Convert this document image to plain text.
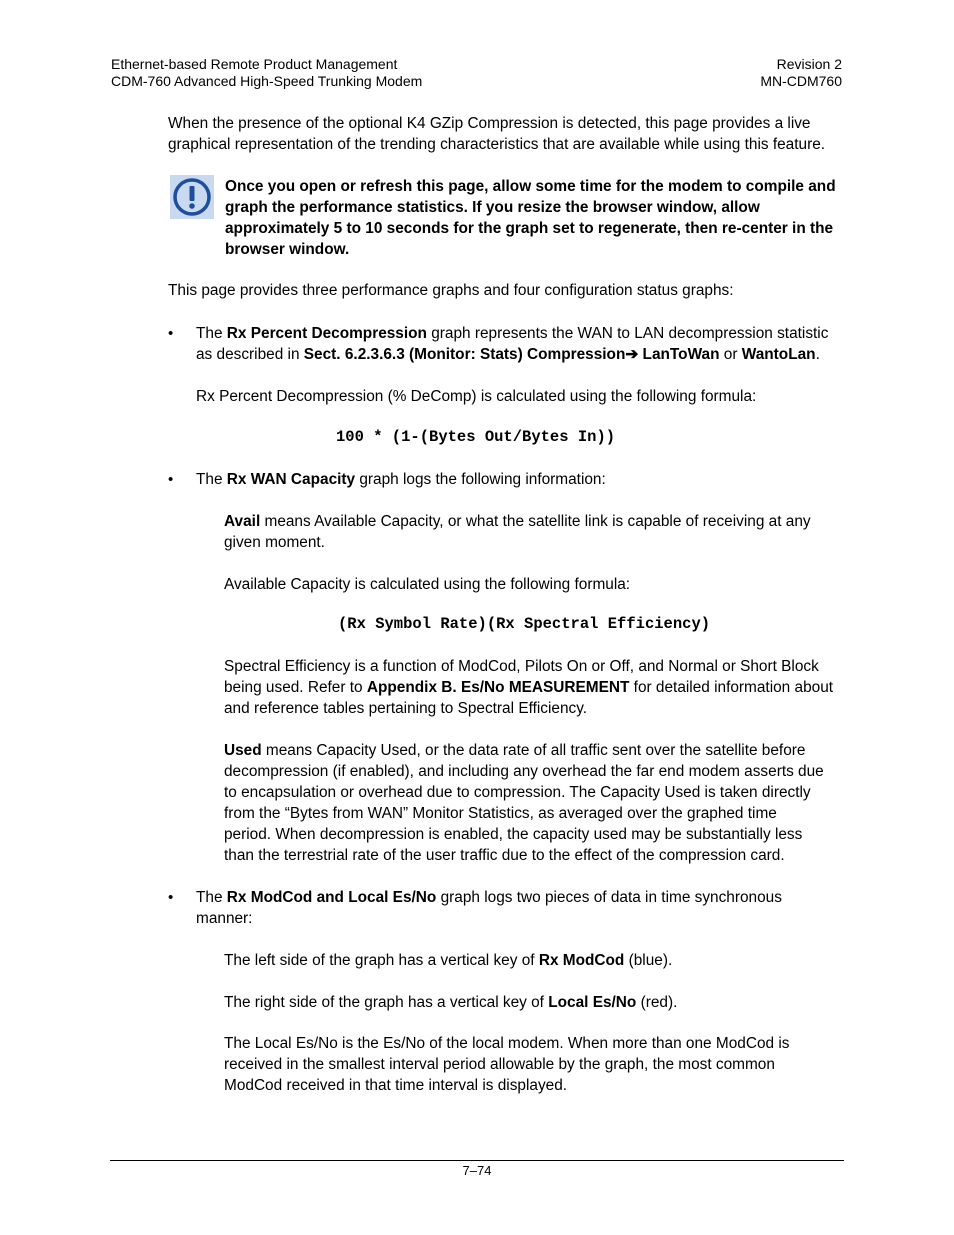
Ethernet-based Remote Product Management
CDM-760 Advanced High-Speed Trunking Modem
Revision 2
MN-CDM760
When the presence of the optional K4 GZip Compression is detected, this page provides a live
graphical representation of the trending characteristics that are available while using this feature.
Once you open or refresh this page, allow some time for the modem to compile and
graph the performance statistics. If you resize the browser window, allow
approximately 5 to 10 seconds for the graph set to regenerate, then re-center in the
browser window.
This page provides three performance graphs and four configuration status graphs:
•	The Rx Percent Decompression graph represents the WAN to LAN decompression statistic
as described in Sect. 6.2.3.6.3 (Monitor: Stats) Compression➔ LanToWan or WantoLan.
Rx Percent Decompression (% DeComp) is calculated using the following formula:
100 * (1-(Bytes Out/Bytes In))
•	The Rx WAN Capacity graph logs the following information:
Avail means Available Capacity, or what the satellite link is capable of receiving at any
given moment.
Available Capacity is calculated using the following formula:
(Rx Symbol Rate)(Rx Spectral Efficiency)
Spectral Efficiency is a function of ModCod, Pilots On or Off, and Normal or Short Block
being used. Refer to Appendix B. Es/No MEASUREMENT for detailed information about
and reference tables pertaining to Spectral Efficiency.
Used means Capacity Used, or the data rate of all traffic sent over the satellite before
decompression (if enabled), and including any overhead the far end modem asserts due
to encapsulation or overhead due to compression. The Capacity Used is taken directly
from the “Bytes from WAN” Monitor Statistics, as averaged over the graphed time
period. When decompression is enabled, the capacity used may be substantially less
than the terrestrial rate of the user traffic due to the effect of the compression card.
•	The Rx ModCod and Local Es/No graph logs two pieces of data in time synchronous
manner:
The left side of the graph has a vertical key of Rx ModCod (blue).
The right side of the graph has a vertical key of Local Es/No (red).
The Local Es/No is the Es/No of the local modem. When more than one ModCod is
received in the smallest interval period allowable by the graph, the most common
ModCod received in that time interval is displayed.
7–74
